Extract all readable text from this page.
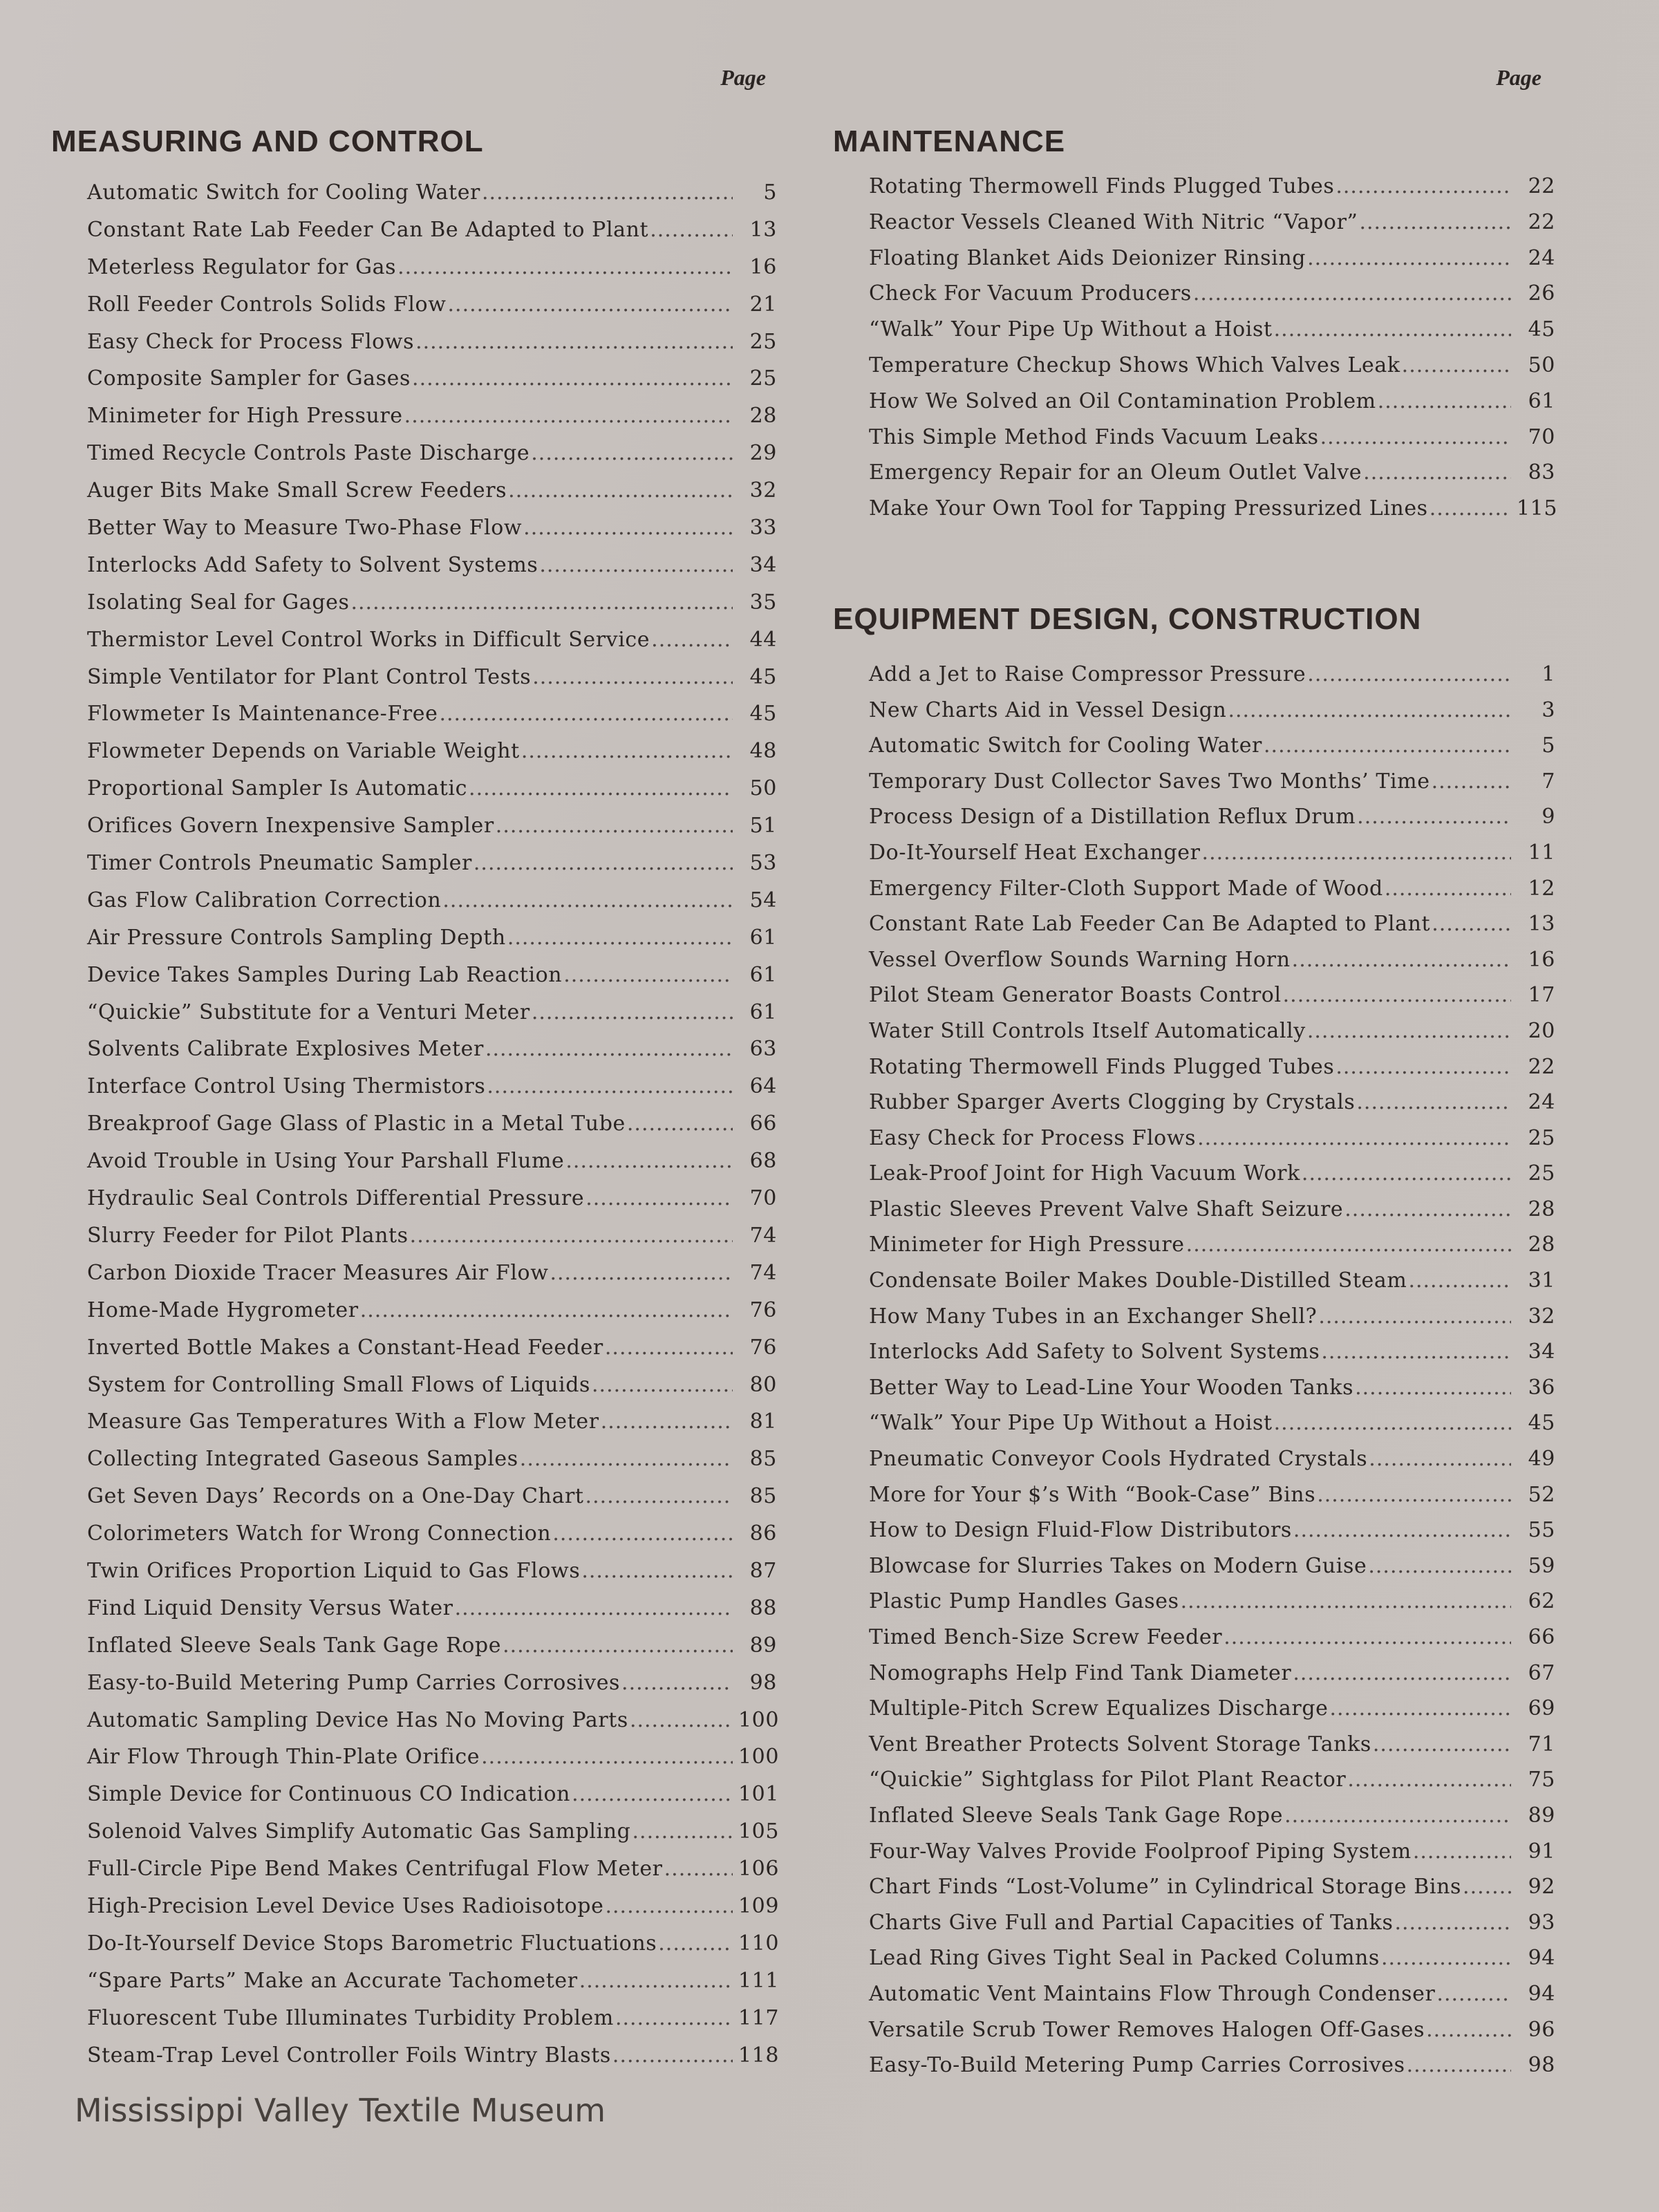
Page
MEASURING AND CONTROL
Automatic Switch for Cooling Water .....	5
Constant Rate Lab Feeder Can Be Adapted to Plant .....	13
Meterless Regulator for Gas .....	16
Roll Feeder Controls Solids Flow .....	21
Easy Check for Process Flows .....	25
Composite Sampler for Gases .....	25
Minimeter for High Pressure .....	28
Timed Recycle Controls Paste Discharge .....	29
Auger Bits Make Small Screw Feeders .....	32
Better Way to Measure Two-Phase Flow .....	33
Interlocks Add Safety to Solvent Systems .....	34
Isolating Seal for Gages .....	35
Thermistor Level Control Works in Difficult Service .....	44
Simple Ventilator for Plant Control Tests .....	45
Flowmeter Is Maintenance-Free .....	45
Flowmeter Depends on Variable Weight .....	48
Proportional Sampler Is Automatic .....	50
Orifices Govern Inexpensive Sampler .....	51
Timer Controls Pneumatic Sampler .....	53
Gas Flow Calibration Correction .....	54
Air Pressure Controls Sampling Depth .....	61
Device Takes Samples During Lab Reaction .....	61
“Quickie” Substitute for a Venturi Meter .....	61
Solvents Calibrate Explosives Meter .....	63
Interface Control Using Thermistors .....	64
Breakproof Gage Glass of Plastic in a Metal Tube .....	66
Avoid Trouble in Using Your Parshall Flume .....	68
Hydraulic Seal Controls Differential Pressure .....	70
Slurry Feeder for Pilot Plants .....	74
Carbon Dioxide Tracer Measures Air Flow .....	74
Home-Made Hygrometer .....	76
Inverted Bottle Makes a Constant-Head Feeder .....	76
System for Controlling Small Flows of Liquids .....	80
Measure Gas Temperatures With a Flow Meter .....	81
Collecting Integrated Gaseous Samples .....	85
Get Seven Days’ Records on a One-Day Chart .....	85
Colorimeters Watch for Wrong Connection .....	86
Twin Orifices Proportion Liquid to Gas Flows .....	87
Find Liquid Density Versus Water .....	88
Inflated Sleeve Seals Tank Gage Rope .....	89
Easy-to-Build Metering Pump Carries Corrosives .....	98
Automatic Sampling Device Has No Moving Parts .....	100
Air Flow Through Thin-Plate Orifice .....	100
Simple Device for Continuous CO Indication .....	101
Solenoid Valves Simplify Automatic Gas Sampling .....	105
Full-Circle Pipe Bend Makes Centrifugal Flow Meter .....	106
High-Precision Level Device Uses Radioisotope .....	109
Do-It-Yourself Device Stops Barometric Fluctuations .....	110
“Spare Parts” Make an Accurate Tachometer .....	111
Fluorescent Tube Illuminates Turbidity Problem .....	117
Steam-Trap Level Controller Foils Wintry Blasts .....	118
Page
MAINTENANCE
Rotating Thermowell Finds Plugged Tubes .....	22
Reactor Vessels Cleaned With Nitric “Vapor” .....	22
Floating Blanket Aids Deionizer Rinsing .....	24
Check For Vacuum Producers .....	26
“Walk” Your Pipe Up Without a Hoist .....	45
Temperature Checkup Shows Which Valves Leak .....	50
How We Solved an Oil Contamination Problem .....	61
This Simple Method Finds Vacuum Leaks .....	70
Emergency Repair for an Oleum Outlet Valve .....	83
Make Your Own Tool for Tapping Pressurized Lines .....	115
EQUIPMENT DESIGN, CONSTRUCTION
Add a Jet to Raise Compressor Pressure .....	1
New Charts Aid in Vessel Design .....	3
Automatic Switch for Cooling Water .....	5
Temporary Dust Collector Saves Two Months’ Time .....	7
Process Design of a Distillation Reflux Drum .....	9
Do-It-Yourself Heat Exchanger .....	11
Emergency Filter-Cloth Support Made of Wood .....	12
Constant Rate Lab Feeder Can Be Adapted to Plant .....	13
Vessel Overflow Sounds Warning Horn .....	16
Pilot Steam Generator Boasts Control .....	17
Water Still Controls Itself Automatically .....	20
Rotating Thermowell Finds Plugged Tubes .....	22
Rubber Sparger Averts Clogging by Crystals .....	24
Easy Check for Process Flows .....	25
Leak-Proof Joint for High Vacuum Work .....	25
Plastic Sleeves Prevent Valve Shaft Seizure .....	28
Minimeter for High Pressure .....	28
Condensate Boiler Makes Double-Distilled Steam .....	31
How Many Tubes in an Exchanger Shell? .....	32
Interlocks Add Safety to Solvent Systems .....	34
Better Way to Lead-Line Your Wooden Tanks .....	36
“Walk” Your Pipe Up Without a Hoist .....	45
Pneumatic Conveyor Cools Hydrated Crystals .....	49
More for Your $’s With “Book-Case” Bins .....	52
How to Design Fluid-Flow Distributors .....	55
Blowcase for Slurries Takes on Modern Guise .....	59
Plastic Pump Handles Gases .....	62
Timed Bench-Size Screw Feeder .....	66
Nomographs Help Find Tank Diameter .....	67
Multiple-Pitch Screw Equalizes Discharge .....	69
Vent Breather Protects Solvent Storage Tanks .....	71
“Quickie” Sightglass for Pilot Plant Reactor .....	75
Inflated Sleeve Seals Tank Gage Rope .....	89
Four-Way Valves Provide Foolproof Piping System .....	91
Chart Finds “Lost-Volume” in Cylindrical Storage Bins .....	92
Charts Give Full and Partial Capacities of Tanks .....	93
Lead Ring Gives Tight Seal in Packed Columns .....	94
Automatic Vent Maintains Flow Through Condenser .....	94
Versatile Scrub Tower Removes Halogen Off-Gases .....	96
Easy-To-Build Metering Pump Carries Corrosives .....	98
Mississippi Valley Textile Museum
